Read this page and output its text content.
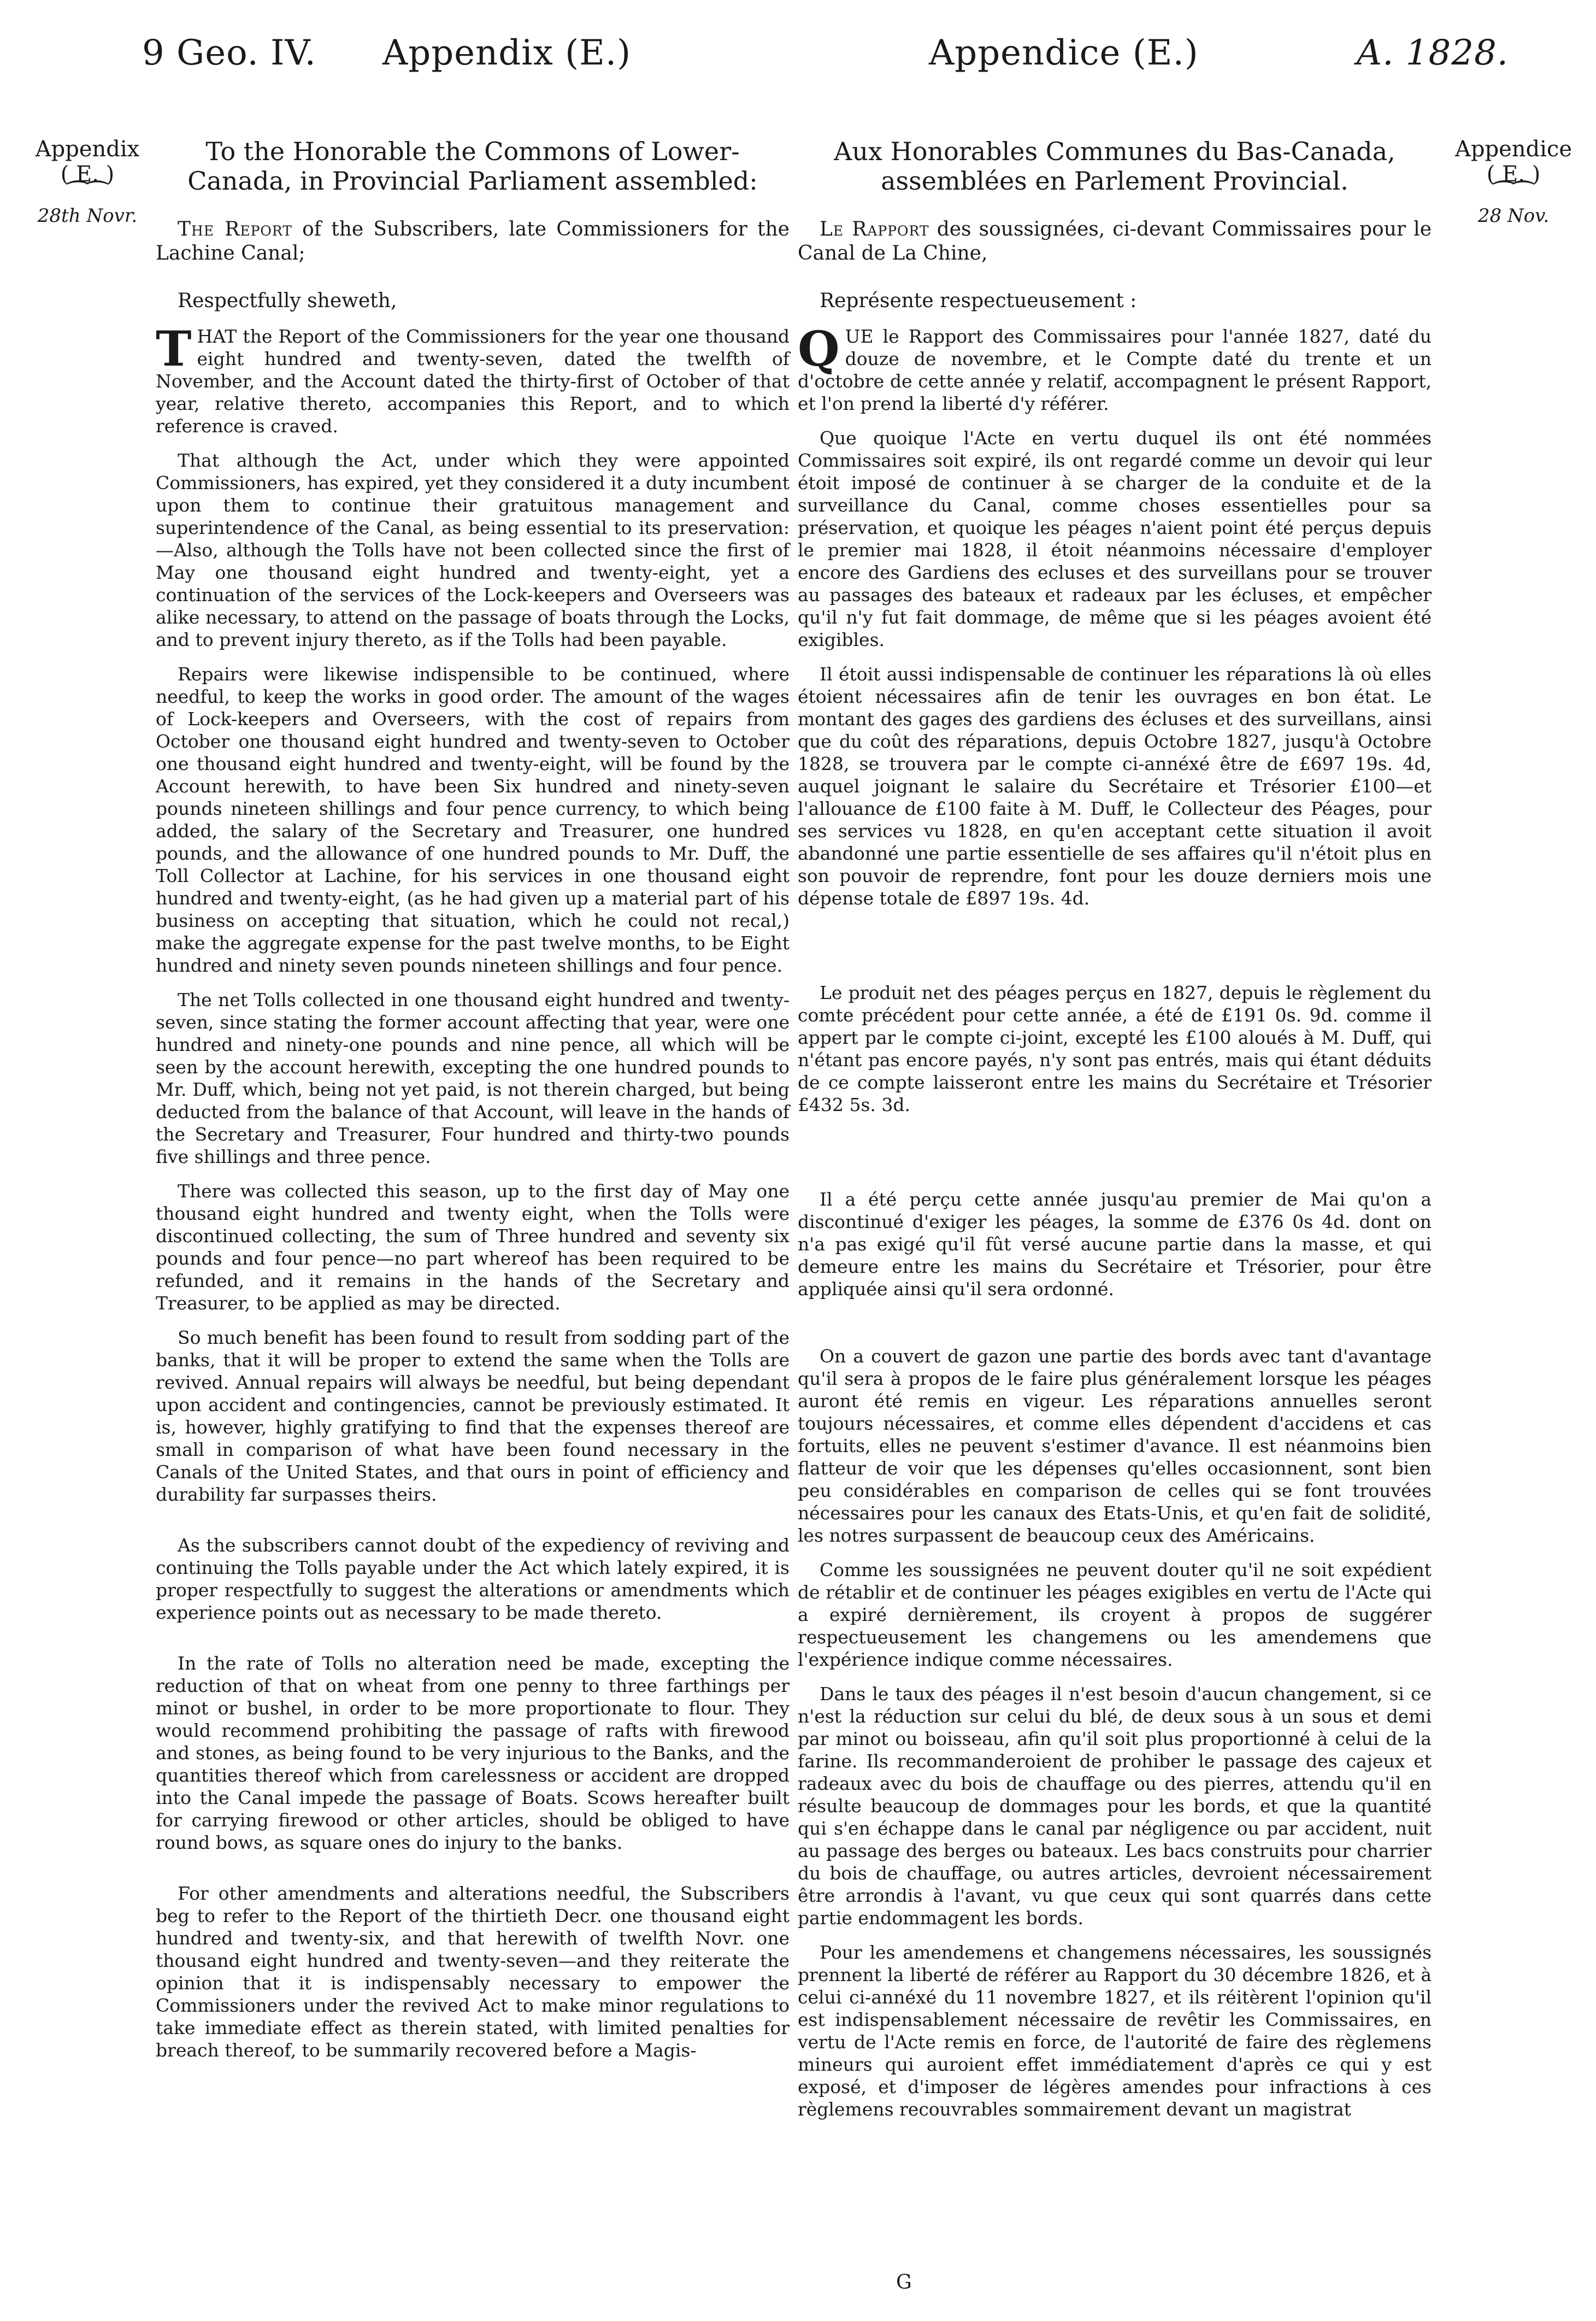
9 Geo. IV. Appendix (E.)	Appendice (E.)	A. 1828.
Appendix
( E. )
⁀⁀
28th Novr.
Appendice
( E. )
⁀⁀
28 Nov.
To the Honorable the Commons of Lower-Canada, in Provincial Parliament assembled:
The Report of the Subscribers, late Commissioners for the Lachine Canal;
Respectfully sheweth,

THAT the Report of the Commissioners for the year one thousand eight hundred and twenty-seven, dated the twelfth of November, and the Account dated the thirty-first of October of that year, relative thereto, accompanies this Report, and to which reference is craved.

That although the Act, under which they were appointed Commissioners, has expired, yet they considered it a duty incumbent upon them to continue their gratuitous management and superintendence of the Canal, as being essential to its preservation:—Also, although the Tolls have not been collected since the first of May one thousand eight hundred and twenty-eight, yet a continuation of the services of the Lock-keepers and Overseers was alike necessary, to attend on the passage of boats through the Locks, and to prevent injury thereto, as if the Tolls had been payable.

Repairs were likewise indispensible to be continued, where needful, to keep the works in good order. The amount of the wages of Lock-keepers and Overseers, with the cost of repairs from October one thousand eight hundred and twenty-seven to October one thousand eight hundred and twenty-eight, will be found by the Account herewith, to have been Six hundred and ninety-seven pounds nineteen shillings and four pence currency, to which being added, the salary of the Secretary and Treasurer, one hundred pounds, and the allowance of one hundred pounds to Mr. Duff, the Toll Collector at Lachine, for his services in one thousand eight hundred and twenty-eight, (as he had given up a material part of his business on accepting that situation, which he could not recal,) make the aggregate expense for the past twelve months, to be Eight hundred and ninety seven pounds nineteen shillings and four pence.

The net Tolls collected in one thousand eight hundred and twenty-seven, since stating the former account affecting that year, were one hundred and ninety-one pounds and nine pence, all which will be seen by the account herewith, excepting the one hundred pounds to Mr. Duff, which, being not yet paid, is not therein charged, but being deducted from the balance of that Account, will leave in the hands of the Secretary and Treasurer, Four hundred and thirty-two pounds five shillings and three pence.

There was collected this season, up to the first day of May one thousand eight hundred and twenty eight, when the Tolls were discontinued collecting, the sum of Three hundred and seventy six pounds and four pence—no part whereof has been required to be refunded, and it remains in the hands of the Secretary and Treasurer, to be applied as may be directed.

So much benefit has been found to result from sodding part of the banks, that it will be proper to extend the same when the Tolls are revived. Annual repairs will always be needful, but being dependant upon accident and contingencies, cannot be previously estimated. It is, however, highly gratifying to find that the expenses thereof are small in comparison of what have been found necessary in the Canals of the United States, and that ours in point of efficiency and durability far surpasses theirs.

As the subscribers cannot doubt of the expediency of reviving and continuing the Tolls payable under the Act which lately expired, it is proper respectfully to suggest the alterations or amendments which experience points out as necessary to be made thereto.

In the rate of Tolls no alteration need be made, excepting the reduction of that on wheat from one penny to three farthings per minot or bushel, in order to be more proportionate to flour. They would recommend prohibiting the passage of rafts with firewood and stones, as being found to be very injurious to the Banks, and the quantities thereof which from carelessness or accident are dropped into the Canal impede the passage of Boats. Scows hereafter built for carrying firewood or other articles, should be obliged to have round bows, as square ones do injury to the banks.

For other amendments and alterations needful, the Subscribers beg to refer to the Report of the thirtieth Decr. one thousand eight hundred and twenty-six, and that herewith of twelfth Novr. one thousand eight hundred and twenty-seven—and they reiterate the opinion that it is indispensably necessary to empower the Commissioners under the revived Act to make minor regulations to take immediate effect as therein stated, with limited penalties for breach thereof, to be summarily recovered before a Magis-

Aux Honorables Communes du Bas-Canada, assemblées en Parlement Provincial.
Le Rapport des soussignées, ci-devant Commissaires pour le Canal de La Chine,
Représente respectueusement :

QUE le Rapport des Commissaires pour l'année 1827, daté du douze de novembre, et le Compte daté du trente et un d'octobre de cette année y relatif, accompagnent le présent Rapport, et l'on prend la liberté d'y référer.

Que quoique l'Acte en vertu duquel ils ont été nommées Commissaires soit expiré, ils ont regardé comme un devoir qui leur étoit imposé de continuer à se charger de la conduite et de la surveillance du Canal, comme choses essentielles pour sa préservation, et quoique les péages n'aient point été perçus depuis le premier mai 1828, il étoit néanmoins nécessaire d'employer encore des Gardiens des ecluses et des surveillans pour se trouver au passages des bateaux et radeaux par les écluses, et empêcher qu'il n'y fut fait dommage, de même que si les péages avoient été exigibles.

Il étoit aussi indispensable de continuer les réparations là où elles étoient nécessaires afin de tenir les ouvrages en bon état. Le montant des gages des gardiens des écluses et des surveillans, ainsi que du coût des réparations, depuis Octobre 1827, jusqu'à Octobre 1828, se trouvera par le compte ci-annéxé être de £697 19s. 4d, auquel joignant le salaire du Secrétaire et Trésorier £100—et l'allouance de £100 faite à M. Duff, le Collecteur des Péages, pour ses services vu 1828, en qu'en acceptant cette situation il avoit abandonné une partie essentielle de ses affaires qu'il n'étoit plus en son pouvoir de reprendre, font pour les douze derniers mois une dépense totale de £897 19s. 4d.

Le produit net des péages perçus en 1827, depuis le règlement du comte précédent pour cette année, a été de £191 0s. 9d. comme il appert par le compte ci-joint, excepté les £100 aloués à M. Duff, qui n'étant pas encore payés, n'y sont pas entrés, mais qui étant déduits de ce compte laisseront entre les mains du Secrétaire et Trésorier £432 5s. 3d.

Il a été perçu cette année jusqu'au premier de Mai qu'on a discontinué d'exiger les péages, la somme de £376 0s 4d. dont on n'a pas exigé qu'il fût versé aucune partie dans la masse, et qui demeure entre les mains du Secrétaire et Trésorier, pour être appliquée ainsi qu'il sera ordonné.

On a couvert de gazon une partie des bords avec tant d'avantage qu'il sera à propos de le faire plus généralement lorsque les péages auront été remis en vigeur. Les réparations annuelles seront toujours nécessaires, et comme elles dépendent d'accidens et cas fortuits, elles ne peuvent s'estimer d'avance. Il est néanmoins bien flatteur de voir que les dépenses qu'elles occasionnent, sont bien peu considérables en comparison de celles qui se font trouvées nécessaires pour les canaux des Etats-Unis, et qu'en fait de solidité, les notres surpassent de beaucoup ceux des Américains.

Comme les soussignées ne peuvent douter qu'il ne soit expédient de rétablir et de continuer les péages exigibles en vertu de l'Acte qui a expiré dernièrement, ils croyent à propos de suggérer respectueusement les changemens ou les amendemens que l'expérience indique comme nécessaires.

Dans le taux des péages il n'est besoin d'aucun changement, si ce n'est la réduction sur celui du blé, de deux sous à un sous et demi par minot ou boisseau, afin qu'il soit plus proportionné à celui de la farine. Ils recommanderoient de prohiber le passage des cajeux et radeaux avec du bois de chauffage ou des pierres, attendu qu'il en résulte beaucoup de dommages pour les bords, et que la quantité qui s'en échappe dans le canal par négligence ou par accident, nuit au passage des berges ou bateaux. Les bacs construits pour charrier du bois de chauffage, ou autres articles, devroient nécessairement être arrondis à l'avant, vu que ceux qui sont quarrés dans cette partie endommagent les bords.

Pour les amendemens et changemens nécessaires, les soussignés prennent la liberté de référer au Rapport du 30 décembre 1826, et à celui ci-annéxé du 11 novembre 1827, et ils réitèrent l'opinion qu'il est indispensablement nécessaire de revêtir les Commissaires, en vertu de l'Acte remis en force, de l'autorité de faire des règlemens mineurs qui auroient effet immédiatement d'après ce qui y est exposé, et d'imposer de légères amendes pour infractions à ces règlemens recouvrables sommairement devant un magistrat

G
